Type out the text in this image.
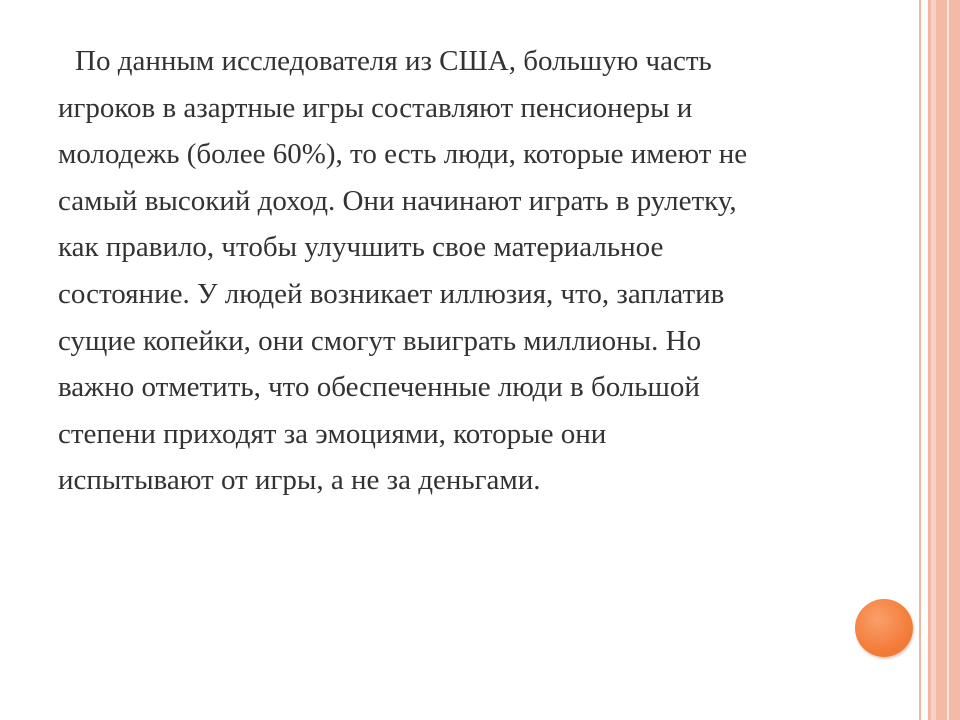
По данным исследователя из США, большую часть
игроков в азартные игры составляют пенсионеры и
молодежь (более 60%), то есть люди, которые имеют не
самый высокий доход. Они начинают играть в рулетку,
как правило, чтобы улучшить свое материальное
состояние. У людей возникает иллюзия, что, заплатив
сущие копейки, они смогут выиграть миллионы. Но
важно отметить, что обеспеченные люди в большой
степени приходят за эмоциями, которые они
испытывают от игры, а не за деньгами.
